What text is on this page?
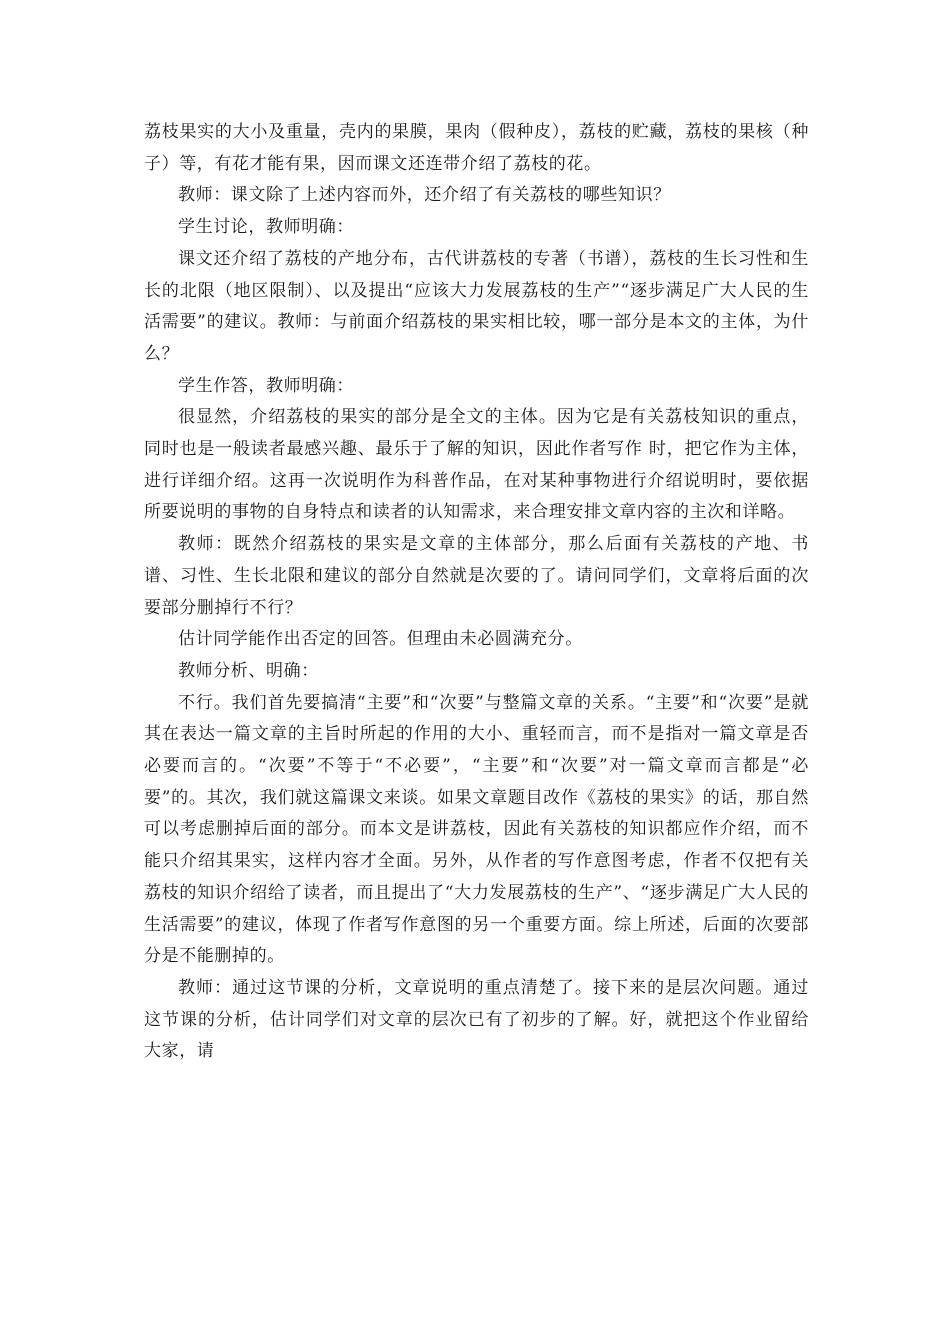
荔枝果实的大小及重量，壳内的果膜，果肉（假种皮），荔枝的贮藏，荔枝的果核（种子）等，有花才能有果，因而课文还连带介绍了荔枝的花。

教师：课文除了上述内容而外，还介绍了有关荔枝的哪些知识？

学生讨论，教师明确：

课文还介绍了荔枝的产地分布，古代讲荔枝的专著（书谱），荔枝的生长习性和生长的北限（地区限制）、以及提出“应该大力发展荔枝的生产”“逐步满足广大人民的生活需要”的建议。教师：与前面介绍荔枝的果实相比较，哪一部分是本文的主体，为什么？

学生作答，教师明确：

很显然，介绍荔枝的果实的部分是全文的主体。因为它是有关荔枝知识的重点，同时也是一般读者最感兴趣、最乐于了解的知识，因此作者写作 时，把它作为主体，进行详细介绍。这再一次说明作为科普作品，在对某种事物进行介绍说明时，要依据所要说明的事物的自身特点和读者的认知需求，来合理安排文章内容的主次和详略。

教师：既然介绍荔枝的果实是文章的主体部分，那么后面有关荔枝的产地、书谱、习性、生长北限和建议的部分自然就是次要的了。请问同学们，文章将后面的次要部分删掉行不行？

估计同学能作出否定的回答。但理由未必圆满充分。

教师分析、明确：

不行。我们首先要搞清“主要”和“次要”与整篇文章的关系。“主要”和“次要”是就其在表达一篇文章的主旨时所起的作用的大小、重轻而言，而不是指对一篇文章是否必要而言的。“次要”不等于“不必要”，“主要”和“次要”对一篇文章而言都是“必要”的。其次，我们就这篇课文来谈。如果文章题目改作《荔枝的果实》的话，那自然可以考虑删掉后面的部分。而本文是讲荔枝，因此有关荔枝的知识都应作介绍，而不能只介绍其果实，这样内容才全面。另外，从作者的写作意图考虑，作者不仅把有关荔枝的知识介绍给了读者，而且提出了“大力发展荔枝的生产”、“逐步满足广大人民的生活需要”的建议，体现了作者写作意图的另一个重要方面。综上所述，后面的次要部分是不能删掉的。

教师：通过这节课的分析，文章说明的重点清楚了。接下来的是层次问题。通过这节课的分析，估计同学们对文章的层次已有了初步的了解。好，就把这个作业留给大家，请
